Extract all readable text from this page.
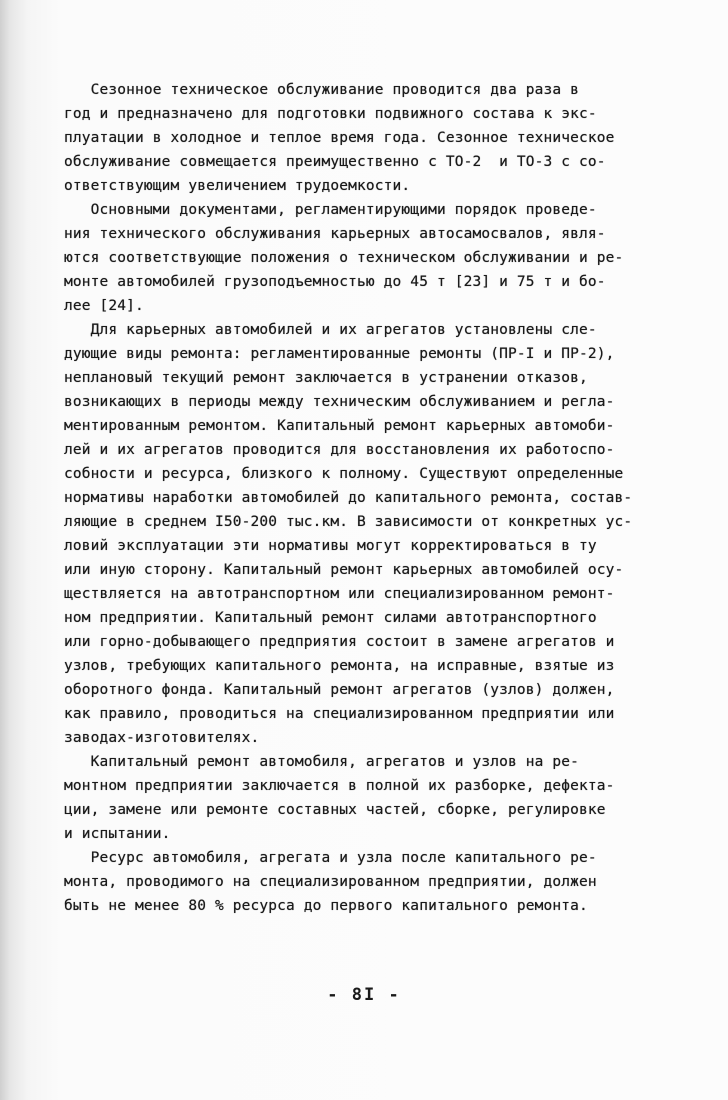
Сезонное техническое обслуживание проводится два раза в
год и предназначено для подготовки подвижного состава к экс-
плуатации в холодное и теплое время года. Сезонное техническое
обслуживание совмещается преимущественно с ТО-2  и ТО-3 с со-
ответствующим увеличением трудоемкости.
Основными документами, регламентирующими порядок проведе-
ния технического обслуживания карьерных автосамосвалов, явля-
ются соответствующие положения о техническом обслуживании и ре-
монте автомобилей грузоподъемностью до 45 т [23] и 75 т и бо-
лее [24].
Для карьерных автомобилей и их агрегатов установлены сле-
дующие виды ремонта: регламентированные ремонты (ПР-I и ПР-2),
неплановый текущий ремонт заключается в устранении отказов,
возникающих в периоды между техническим обслуживанием и регла-
ментированным ремонтом. Капитальный ремонт карьерных автомоби-
лей и их агрегатов проводится для восстановления их работоспо-
собности и ресурса, близкого к полному. Существуют определенные
нормативы наработки автомобилей до капитального ремонта, состав-
ляющие в среднем I50-200 тыс.км. В зависимости от конкретных ус-
ловий эксплуатации эти нормативы могут корректироваться в ту
или иную сторону. Капитальный ремонт карьерных автомобилей осу-
ществляется на автотранспортном или специализированном ремонт-
ном предприятии. Капитальный ремонт силами автотранспортного
или горно-добывающего предприятия состоит в замене агрегатов и
узлов, требующих капитального ремонта, на исправные, взятые из
оборотного фонда. Капитальный ремонт агрегатов (узлов) должен,
как правило, проводиться на специализированном предприятии или
заводах-изготовителях.
Капитальный ремонт автомобиля, агрегатов и узлов на ре-
монтном предприятии заключается в полной их разборке, дефекта-
ции, замене или ремонте составных частей, сборке, регулировке
и испытании.
Ресурс автомобиля, агрегата и узла после капитального ре-
монта, проводимого на специализированном предприятии, должен
быть не менее 80 % ресурса до первого капитального ремонта.
- 8I -
